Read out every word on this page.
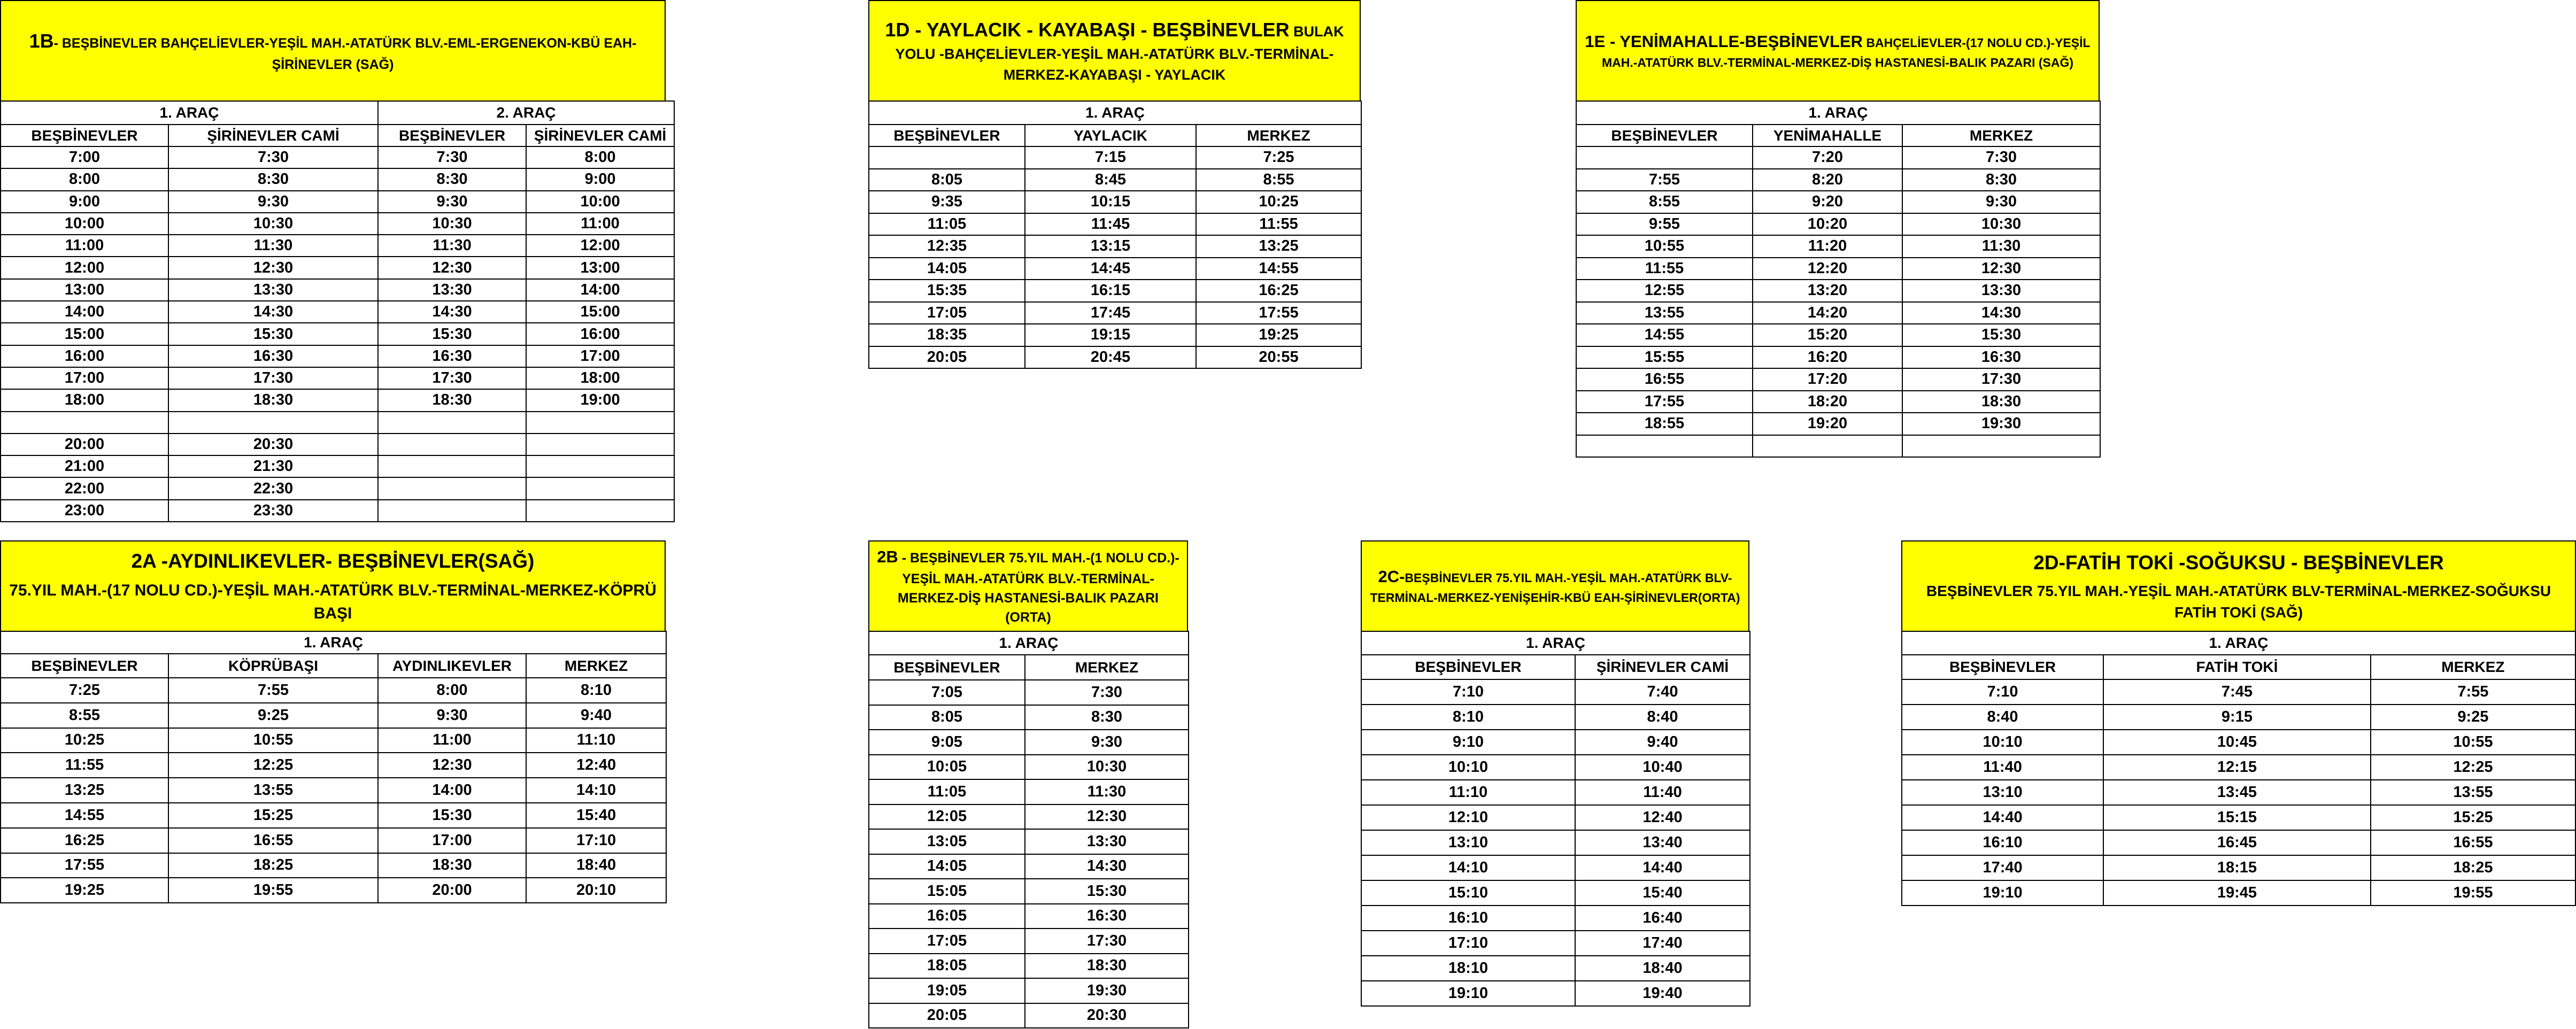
1B- BEŞBİNEVLER BAHÇELİEVLER-YEŞİL MAH.-ATATÜRK BLV.-EML-ERGENEKON-KBÜ EAH-ŞİRİNEVLER (SAĞ)
1. ARAÇ		2. ARAÇ	
BEŞBİNEVLER	ŞİRİNEVLER CAMİ	BEŞBİNEVLER	ŞİRİNEVLER CAMİ
7:00	7:30	7:30	8:00
8:00	8:30	8:30	9:00
9:00	9:30	9:30	10:00
10:00	10:30	10:30	11:00
11:00	11:30	11:30	12:00
12:00	12:30	12:30	13:00
13:00	13:30	13:30	14:00
14:00	14:30	14:30	15:00
15:00	15:30	15:30	16:00
16:00	16:30	16:30	17:00
17:00	17:30	17:30	18:00
18:00	18:30	18:30	19:00

20:00	20:30		
21:00	21:30		
22:00	22:30		
23:00	23:30		
1D - YAYLACIK - KAYABAŞI - BEŞBİNEVLER BULAK YOLU -BAHÇELİEVLER-YEŞİL MAH.-ATATÜRK BLV.-TERMİNAL-MERKEZ-KAYABAŞI - YAYLACIK
1. ARAÇ		
BEŞBİNEVLER	YAYLACIK	MERKEZ
	7:15	7:25
8:05	8:45	8:55
9:35	10:15	10:25
11:05	11:45	11:55
12:35	13:15	13:25
14:05	14:45	14:55
15:35	16:15	16:25
17:05	17:45	17:55
18:35	19:15	19:25
20:05	20:45	20:55
1E - YENİMAHALLE-BEŞBİNEVLER BAHÇELİEVLER-(17 NOLU CD.)-YEŞİL MAH.-ATATÜRK BLV.-TERMİNAL-MERKEZ-DİŞ HASTANESİ-BALIK PAZARI (SAĞ)
1. ARAÇ		
BEŞBİNEVLER	YENİMAHALLE	MERKEZ
	7:20	7:30
7:55	8:20	8:30
8:55	9:20	9:30
9:55	10:20	10:30
10:55	11:20	11:30
11:55	12:20	12:30
12:55	13:20	13:30
13:55	14:20	14:30
14:55	15:20	15:30
15:55	16:20	16:30
16:55	17:20	17:30
17:55	18:20	18:30
18:55	19:20	19:30

2A -AYDINLIKEVLER- BEŞBİNEVLER(SAĞ)
75.YIL MAH.-(17 NOLU CD.)-YEŞİL MAH.-ATATÜRK BLV.-TERMİNAL-MERKEZ-KÖPRÜ BAŞI
1. ARAÇ			
BEŞBİNEVLER	KÖPRÜBAŞI	AYDINLIKEVLER	MERKEZ
7:25	7:55	8:00	8:10
8:55	9:25	9:30	9:40
10:25	10:55	11:00	11:10
11:55	12:25	12:30	12:40
13:25	13:55	14:00	14:10
14:55	15:25	15:30	15:40
16:25	16:55	17:00	17:10
17:55	18:25	18:30	18:40
19:25	19:55	20:00	20:10
2B - BEŞBİNEVLER 75.YIL MAH.-(1 NOLU CD.)-YEŞİL MAH.-ATATÜRK BLV.-TERMİNAL-MERKEZ-DİŞ HASTANESİ-BALIK PAZARI (ORTA)
1. ARAÇ	
BEŞBİNEVLER	MERKEZ
7:05	7:30
8:05	8:30
9:05	9:30
10:05	10:30
11:05	11:30
12:05	12:30
13:05	13:30
14:05	14:30
15:05	15:30
16:05	16:30
17:05	17:30
18:05	18:30
19:05	19:30
20:05	20:30
2C-BEŞBİNEVLER 75.YIL MAH.-YEŞİL MAH.-ATATÜRK BLV-TERMİNAL-MERKEZ-YENİŞEHİR-KBÜ EAH-ŞİRİNEVLER(ORTA)
1. ARAÇ	
BEŞBİNEVLER	ŞİRİNEVLER CAMİ
7:10	7:40
8:10	8:40
9:10	9:40
10:10	10:40
11:10	11:40
12:10	12:40
13:10	13:40
14:10	14:40
15:10	15:40
16:10	16:40
17:10	17:40
18:10	18:40
19:10	19:40
2D-FATİH TOKİ -SOĞUKSU - BEŞBİNEVLER
BEŞBİNEVLER 75.YIL MAH.-YEŞİL MAH.-ATATÜRK BLV-TERMİNAL-MERKEZ-SOĞUKSU FATİH TOKİ (SAĞ)
1. ARAÇ		
BEŞBİNEVLER	FATİH TOKİ	MERKEZ
7:10	7:45	7:55
8:40	9:15	9:25
10:10	10:45	10:55
11:40	12:15	12:25
13:10	13:45	13:55
14:40	15:15	15:25
16:10	16:45	16:55
17:40	18:15	18:25
19:10	19:45	19:55
